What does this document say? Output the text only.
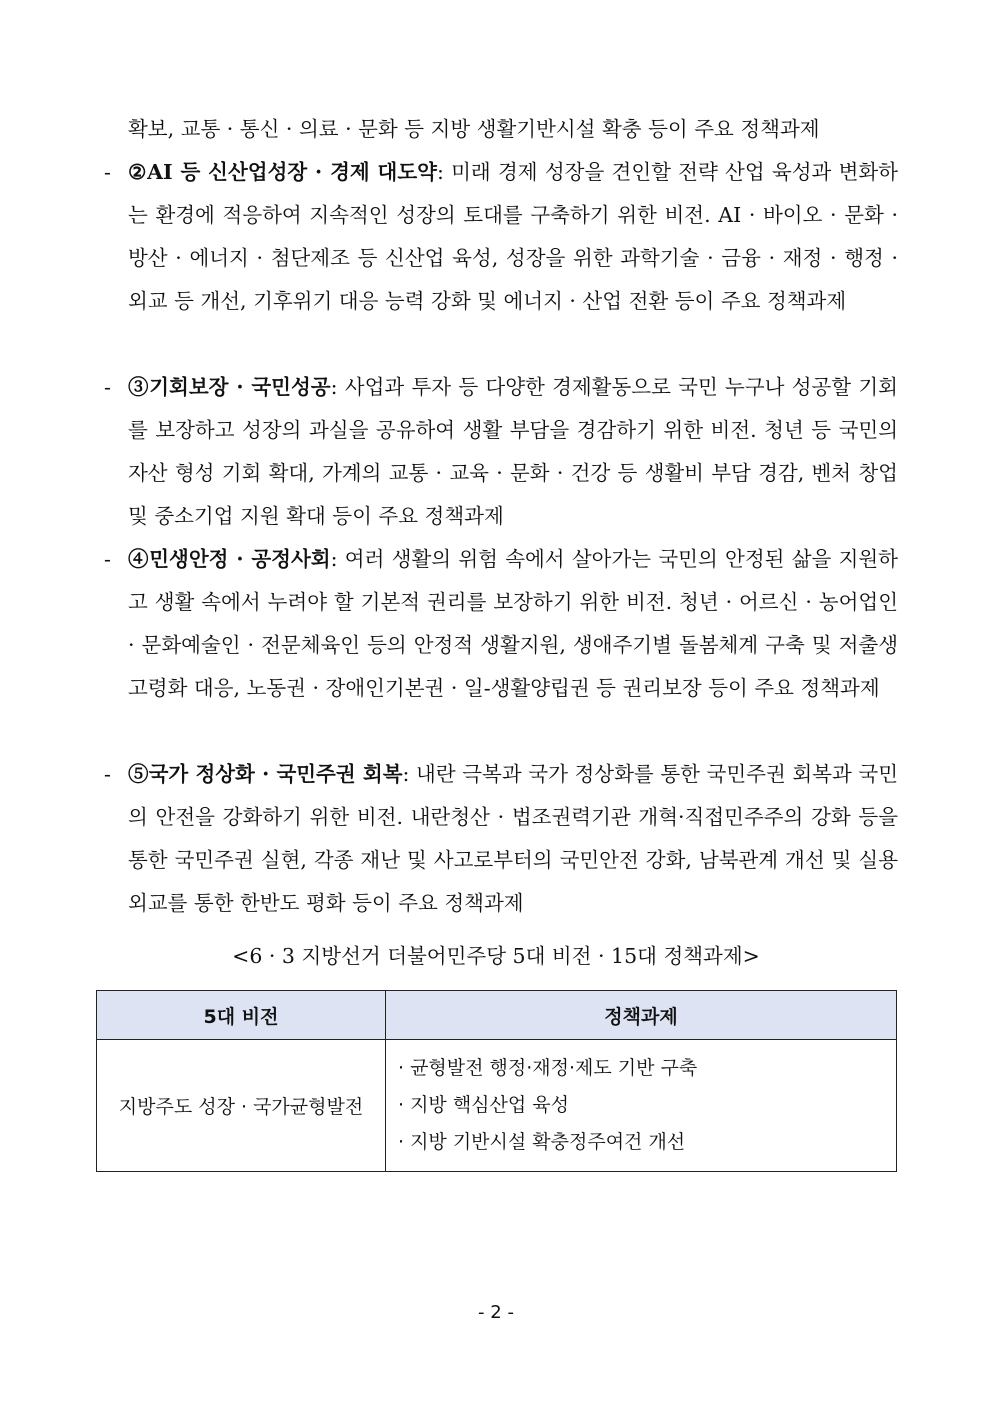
확보, 교통 · 통신 · 의료 · 문화 등 지방 생활기반시설 확충 등이 주요 정책과제
- ②AI 등 신산업성장 · 경제 대도약: 미래 경제 성장을 견인할 전략 산업 육성과 변화하는 환경에 적응하여 지속적인 성장의 토대를 구축하기 위한 비전. AI · 바이오 · 문화 · 방산 · 에너지 · 첨단제조 등 신산업 육성, 성장을 위한 과학기술 · 금융 · 재정 · 행정 · 외교 등 개선, 기후위기 대응 능력 강화 및 에너지 · 산업 전환 등이 주요 정책과제
- ③기회보장 · 국민성공: 사업과 투자 등 다양한 경제활동으로 국민 누구나 성공할 기회를 보장하고 성장의 과실을 공유하여 생활 부담을 경감하기 위한 비전. 청년 등 국민의 자산 형성 기회 확대, 가계의 교통 · 교육 · 문화 · 건강 등 생활비 부담 경감, 벤처 창업 및 중소기업 지원 확대 등이 주요 정책과제
- ④민생안정 · 공정사회: 여러 생활의 위험 속에서 살아가는 국민의 안정된 삶을 지원하고 생활 속에서 누려야 할 기본적 권리를 보장하기 위한 비전. 청년 · 어르신 · 농어업인 · 문화예술인 · 전문체육인 등의 안정적 생활지원, 생애주기별 돌봄체계 구축 및 저출생고령화 대응, 노동권 · 장애인기본권 · 일-생활양립권 등 권리보장 등이 주요 정책과제
- ⑤국가 정상화 · 국민주권 회복: 내란 극복과 국가 정상화를 통한 국민주권 회복과 국민의 안전을 강화하기 위한 비전. 내란청산 · 법조권력기관 개혁·직접민주주의 강화 등을 통한 국민주권 실현, 각종 재난 및 사고로부터의 국민안전 강화, 남북관계 개선 및 실용외교를 통한 한반도 평화 등이 주요 정책과제
<6 · 3 지방선거 더불어민주당 5대 비전 · 15대 정책과제>
5대 비전	정책과제
지방주도 성장 · 국가균형발전	· 균형발전 행정·재정·제도 기반 구축
· 지방 핵심산업 육성
· 지방 기반시설 확충정주여건 개선
- 2 -
